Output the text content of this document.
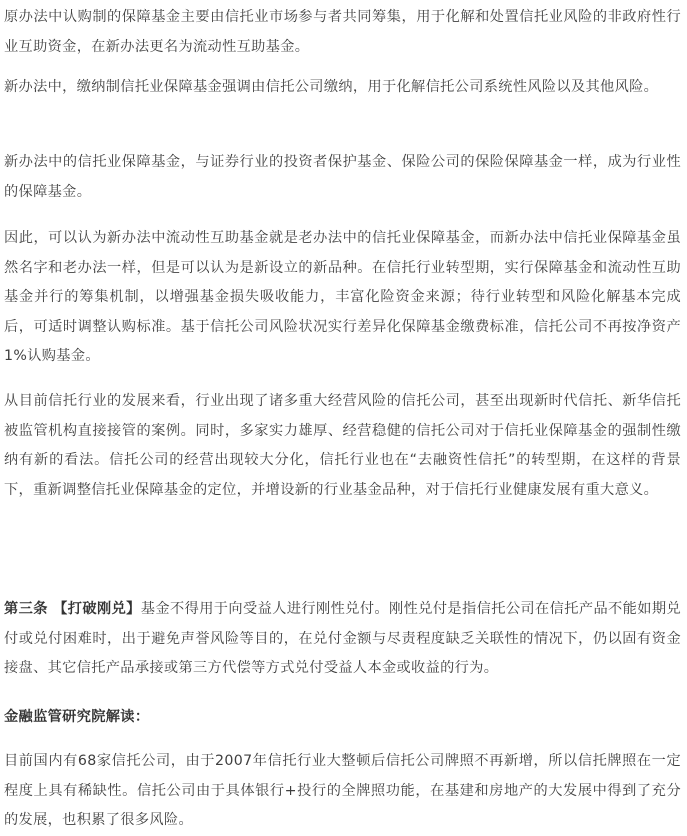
原办法中认购制的保障基金主要由信托业市场参与者共同筹集，用于化解和处置信托业风险的非政府性行业互助资金，在新办法更名为流动性互助基金。

新办法中，缴纳制信托业保障基金强调由信托公司缴纳，用于化解信托公司系统性风险以及其他风险。

新办法中的信托业保障基金，与证券行业的投资者保护基金、保险公司的保险保障基金一样，成为行业性的保障基金。

因此，可以认为新办法中流动性互助基金就是老办法中的信托业保障基金，而新办法中信托业保障基金虽然名字和老办法一样，但是可以认为是新设立的新品种。在信托行业转型期，实行保障基金和流动性互助基金并行的筹集机制，以增强基金损失吸收能力，丰富化险资金来源；待行业转型和风险化解基本完成后，可适时调整认购标准。基于信托公司风险状况实行差异化保障基金缴费标准，信托公司不再按净资产1%认购基金。

从目前信托行业的发展来看，行业出现了诸多重大经营风险的信托公司，甚至出现新时代信托、新华信托被监管机构直接接管的案例。同时，多家实力雄厚、经营稳健的信托公司对于信托业保障基金的强制性缴纳有新的看法。信托公司的经营出现较大分化，信托行业也在“去融资性信托”的转型期，在这样的背景下，重新调整信托业保障基金的定位，并增设新的行业基金品种，对于信托行业健康发展有重大意义。

第三条 【打破刚兑】基金不得用于向受益人进行刚性兑付。刚性兑付是指信托公司在信托产品不能如期兑付或兑付困难时，出于避免声誉风险等目的，在兑付金额与尽责程度缺乏关联性的情况下，仍以固有资金接盘、其它信托产品承接或第三方代偿等方式兑付受益人本金或收益的行为。

金融监管研究院解读：

目前国内有68家信托公司，由于2007年信托行业大整顿后信托公司牌照不再新增，所以信托牌照在一定程度上具有稀缺性。信托公司由于具体银行+投行的全牌照功能，在基建和房地产的大发展中得到了充分的发展，也积累了很多风险。
